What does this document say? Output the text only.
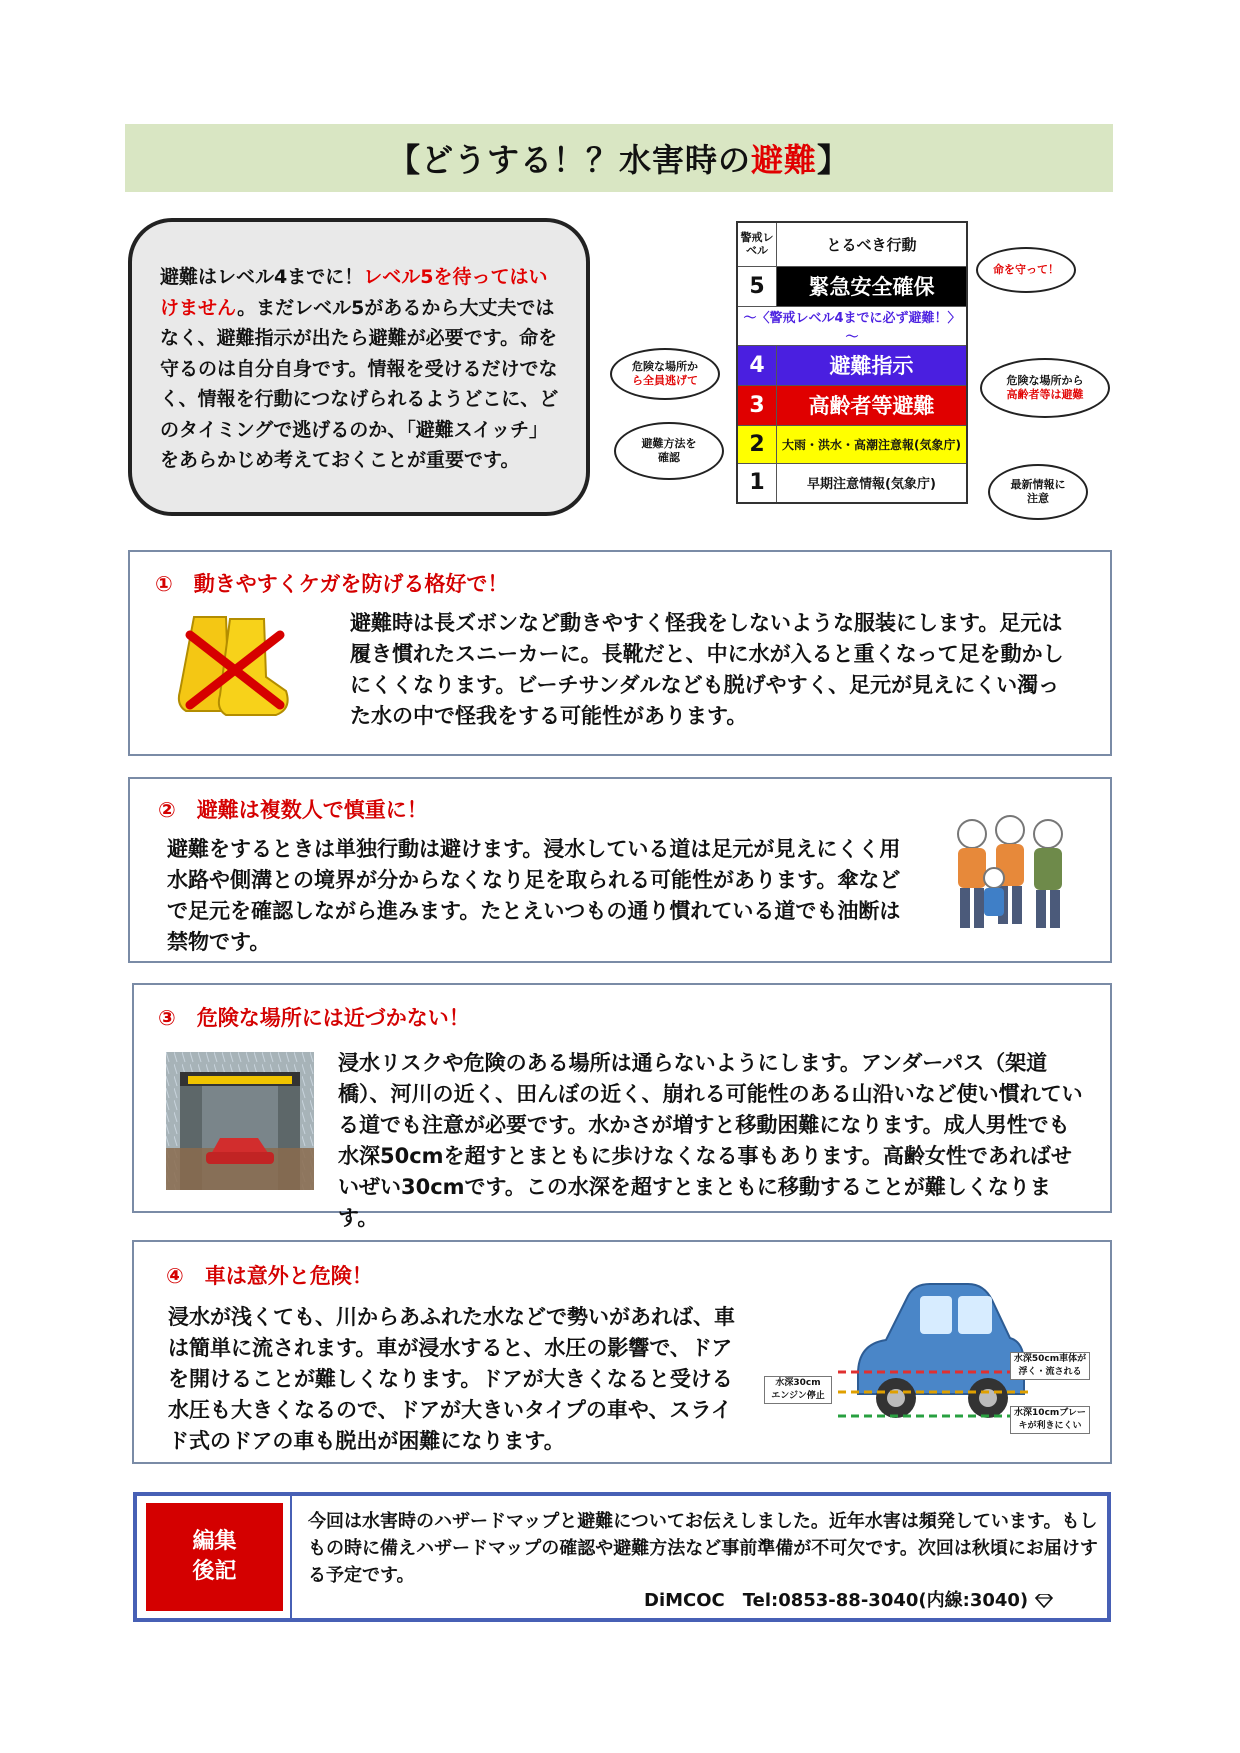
【どうする！？水害時の 避難 】
避難はレベル4までに！レベル5を待ってはいけません。まだレベル5があるから大丈夫ではなく、避難指示が出たら避難が必要です。命を守るのは自分自身です。情報を受けるだけでなく、情報を行動につなげられるようどこに、どのタイミングで逃げるのか、「避難スイッチ」をあらかじめ考えておくことが重要です。
警戒レベル	とるべき行動
5	緊急安全確保
～〈警戒レベル4までに必ず避難！〉～	
4	避難指示
3	高齢者等避難
2	大雨・洪水・高潮注意報(気象庁)
1	早期注意情報(気象庁)
命を守って！
危険な場所か
ら全員逃げて	危険な場所から
高齢者等は避難
避難方法を
確認
最新情報に
注意
①　動きやすくケガを防げる格好で！
避難時は長ズボンなど動きやすく怪我をしないような服装にします。足元は履き慣れたスニーカーに。長靴だと、中に水が入ると重くなって足を動かしにくくなります。ビーチサンダルなども脱げやすく、足元が見えにくい濁った水の中で怪我をする可能性があります。
②　避難は複数人で慎重に！
避難をするときは単独行動は避けます。浸水している道は足元が見えにくく用水路や側溝との境界が分からなくなり足を取られる可能性があります。傘などで足元を確認しながら進みます。たとえいつもの通り慣れている道でも油断は禁物です。
③　危険な場所には近づかない！
浸水リスクや危険のある場所は通らないようにします。アンダーパス（架道橋）、河川の近く、田んぼの近く、崩れる可能性のある山沿いなど使い慣れている道でも注意が必要です。水かさが増すと移動困難になります。成人男性でも水深50cmを超すとまともに歩けなくなる事もあります。高齢女性であればせいぜい30cmです。この水深を超すとまともに移動することが難しくなります。
④　車は意外と危険！
浸水が浅くても、川からあふれた水などで勢いがあれば、車は簡単に流されます。車が浸水すると、水圧の影響で、ドアを開けることが難しくなります。ドアが大きくなると受ける水圧も大きくなるので、ドアが大きいタイプの車や、スライド式のドアの車も脱出が困難になります。
水深30cm
エンジン停止
水深50cm車体が
浮く・流される
水深10cmブレー
キが利きにくい
編集
後記
今回は水害時のハザードマップと避難についてお伝えしました。近年水害は頻発しています。もしもの時に備えハザードマップの確認や避難方法など事前準備が不可欠です。次回は秋頃にお届けする予定です。
DiMCOC　Tel:0853-88-3040(内線:3040)
